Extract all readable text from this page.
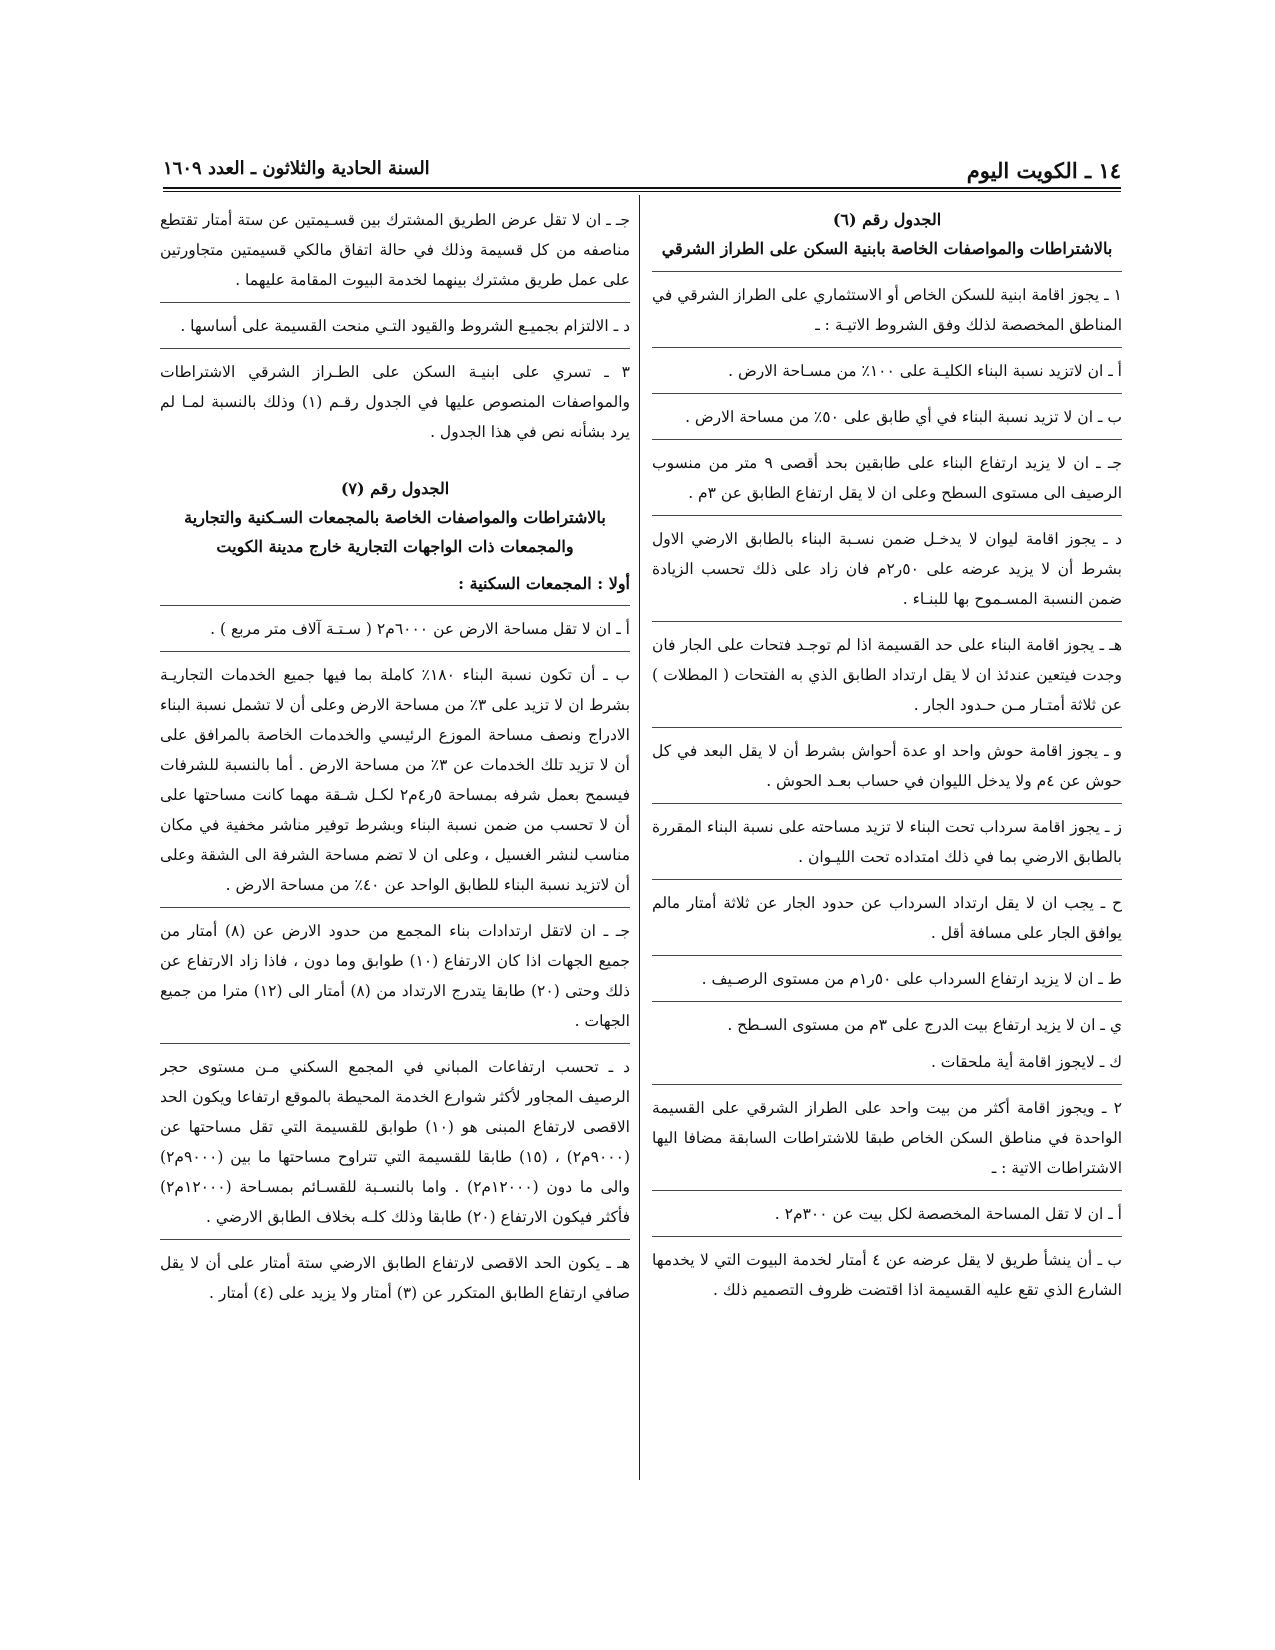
١٤ ـ الكويت اليوم
السنة الحادية والثلاثون ـ العدد ١٦٠٩
الجدول رقم (٦)
بالاشتراطات والمواصفات الخاصة بابنية السكن على الطراز الشرقي

١ ـ يجوز اقامة ابنية للسكن الخاص أو الاستثماري على الطراز الشرقي في المناطق المخصصة لذلك وفق الشروط الاتيـة : ـ

أ ـ ان لاتزيد نسبة البناء الكليـة على ١٠٠٪ من مسـاحة الارض .

ب ـ ان لا تزيد نسبة البناء في أي طابق على ٥٠٪ من مساحة الارض .

جـ ـ ان لا يزيد ارتفاع البناء على طابقين بحد أقصى ٩ متر من منسوب الرصيف الى مستوى السطح وعلى ان لا يقل ارتفاع الطابق عن ٣م .

د ـ يجوز اقامة ليوان لا يدخـل ضمن نسـبة البناء بالطابق الارضي الاول بشرط أن لا يزيد عرضه على ٥٠ر٢م فان زاد على ذلك تحسب الزيادة ضمن النسبة المسـموح بها للبنـاء .

هـ ـ يجوز اقامة البناء على حد القسيمة اذا لم توجـد فتحات على الجار فان وجدت فيتعين عندئذ ان لا يقل ارتداد الطابق الذي به الفتحات ( المطلات ) عن ثلاثة أمتـار مـن حـدود الجار .

و ـ يجوز اقامة حوش واحد او عدة أحواش بشرط أن لا يقل البعد في كل حوش عن ٤م ولا يدخل الليوان في حساب بعـد الحوش .

ز ـ يجوز اقامة سرداب تحت البناء لا تزيد مساحته على نسبة البناء المقررة بالطابق الارضي بما في ذلك امتداده تحت الليـوان .

ح ـ يجب ان لا يقل ارتداد السرداب عن حدود الجار عن ثلاثة أمتار مالم يوافق الجار على مسافة أقل .

ط ـ ان لا يزيد ارتفاع السرداب على ٥٠ر١م من مستوى الرصـيف .

ي ـ ان لا يزيد ارتفاع بيت الدرج على ٣م من مستوى السـطح .

ك ـ لايجوز اقامة أية ملحقات .

٢ ـ ويجوز اقامة أكثر من بيت واحد على الطراز الشرقي على القسيمة الواحدة في مناطق السكن الخاص طبقا للاشتراطات السابقة مضافا اليها الاشتراطات الاتية : ـ

أ ـ ان لا تقل المساحة المخصصة لكل بيت عن ٣٠٠م٢ .

ب ـ أن ينشأ طريق لا يقل عرضه عن ٤ أمتار لخدمة البيوت التي لا يخدمها الشارع الذي تقع عليه القسيمة اذا اقتضت ظروف التصميم ذلك .

جـ ـ ان لا تقل عرض الطريق المشترك بين قسـيمتين عن ستة أمتار تقتطع مناصفه من كل قسيمة وذلك في حالة اتفاق مالكي قسيمتين متجاورتين على عمل طريق مشترك بينهما لخدمة البيوت المقامة عليهما .

د ـ الالتزام بجميـع الشروط والقيود التـي منحت القسيمة على أساسها .

٣ ـ تسري على ابنيـة السكن على الطـراز الشرقي الاشتراطات والمواصفات المنصوص عليها في الجدول رقـم (١) وذلك بالنسبة لمـا لم يرد بشأنه نص في هذا الجدول .

الجدول رقم (٧)
بالاشتراطات والمواصفات الخاصة بالمجمعات السـكنية والتجارية والمجمعات ذات الواجهات التجارية خارج مدينة الكويت
أولا : المجمعات السكنية :

أ ـ ان لا تقل مساحة الارض عن ٦٠٠٠م٢ ( سـتـة آلاف متر مربع ) .

ب ـ أن تكون نسبة البناء ١٨٠٪ كاملة بما فيها جميع الخدمات التجاريـة بشرط ان لا تزيد على ٣٪ من مساحة الارض وعلى أن لا تشمل نسبة البناء الادراج ونصف مساحة الموزع الرئيسي والخدمات الخاصة بالمرافق على أن لا تزيد تلك الخدمات عن ٣٪ من مساحة الارض . أما بالنسبة للشرفات فيسمح بعمل شرفه بمساحة ٥ر٤م٢ لكـل شـقة مهما كانت مساحتها على أن لا تحسب من ضمن نسبة البناء وبشرط توفير مناشر مخفية في مكان مناسب لنشر الغسيل ، وعلى ان لا تضم مساحة الشرفة الى الشقة وعلى أن لاتزيد نسبة البناء للطابق الواحد عن ٤٠٪ من مساحة الارض .

جـ ـ ان لاتقل ارتدادات بناء المجمع من حدود الارض عن (٨) أمتار من جميع الجهات اذا كان الارتفاع (١٠) طوابق وما دون ، فاذا زاد الارتفاع عن ذلك وحتى (٢٠) طابقا يتدرج الارتداد من (٨) أمتار الى (١٢) مترا من جميع الجهات .

د ـ تحسب ارتفاعات المباني في المجمع السكني مـن مستوى حجر الرصيف المجاور لأكثر شوارع الخدمة المحيطة بالموقع ارتفاعا ويكون الحد الاقصى لارتفاع المبنى هو (١٠) طوابق للقسيمة التي تقل مساحتها عن (٩٠٠٠م٢) ، (١٥) طابقا للقسيمة التي تتراوح مساحتها ما بين (٩٠٠٠م٢) والى ما دون (١٢٠٠٠م٢) . واما بالنسـبة للقسـائم بمسـاحة (١٢٠٠٠م٢) فأكثر فيكون الارتفاع (٢٠) طابقا وذلك كلـه بخلاف الطابق الارضي .

هـ ـ يكون الحد الاقصى لارتفاع الطابق الارضي ستة أمتار على أن لا يقل صافي ارتفاع الطابق المتكرر عن (٣) أمتار ولا يزيد على (٤) أمتار .
